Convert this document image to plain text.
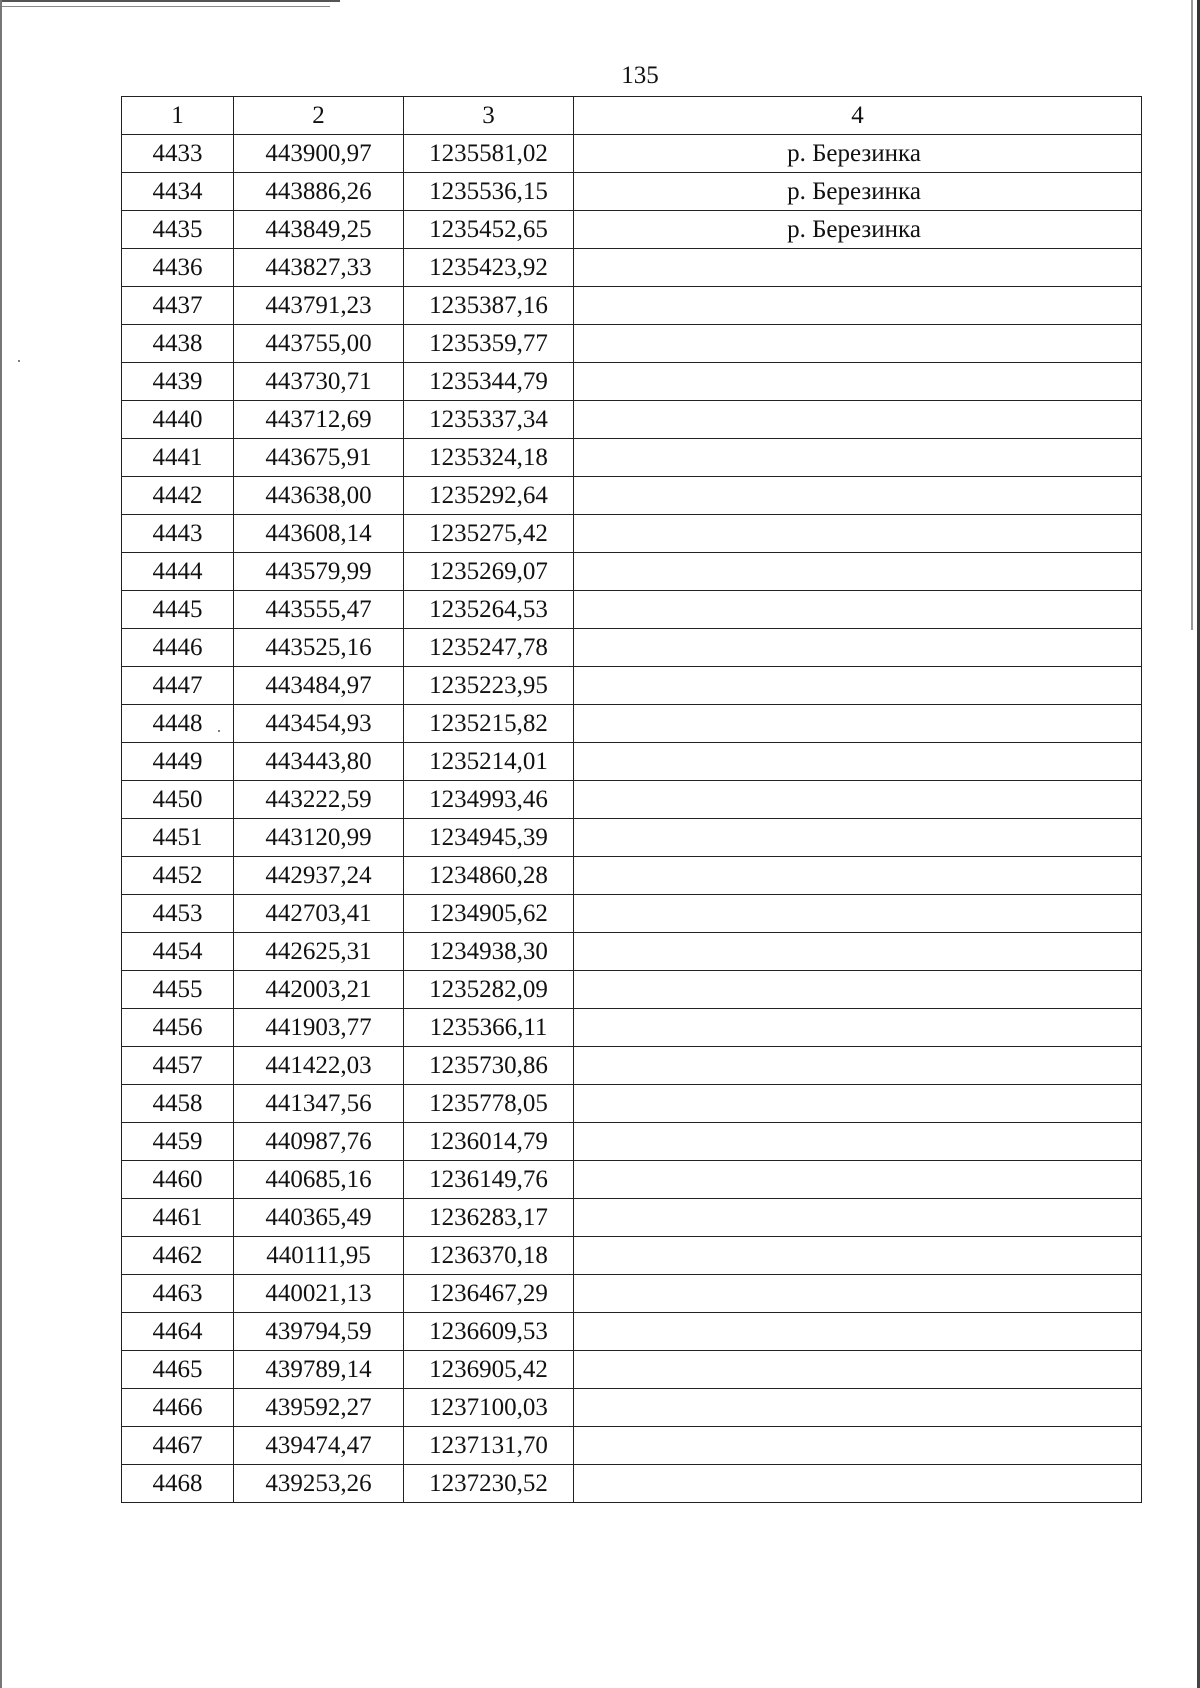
135
1	2	3	4
4433	443900,97	1235581,02	р. Березинка
4434	443886,26	1235536,15	р. Березинка
4435	443849,25	1235452,65	р. Березинка
4436	443827,33	1235423,92	
4437	443791,23	1235387,16	
4438	443755,00	1235359,77	
4439	443730,71	1235344,79	
4440	443712,69	1235337,34	
4441	443675,91	1235324,18	
4442	443638,00	1235292,64	
4443	443608,14	1235275,42	
4444	443579,99	1235269,07	
4445	443555,47	1235264,53	
4446	443525,16	1235247,78	
4447	443484,97	1235223,95	
4448	443454,93	1235215,82	
4449	443443,80	1235214,01	
4450	443222,59	1234993,46	
4451	443120,99	1234945,39	
4452	442937,24	1234860,28	
4453	442703,41	1234905,62	
4454	442625,31	1234938,30	
4455	442003,21	1235282,09	
4456	441903,77	1235366,11	
4457	441422,03	1235730,86	
4458	441347,56	1235778,05	
4459	440987,76	1236014,79	
4460	440685,16	1236149,76	
4461	440365,49	1236283,17	
4462	440111,95	1236370,18	
4463	440021,13	1236467,29	
4464	439794,59	1236609,53	
4465	439789,14	1236905,42	
4466	439592,27	1237100,03	
4467	439474,47	1237131,70	
4468	439253,26	1237230,52	
